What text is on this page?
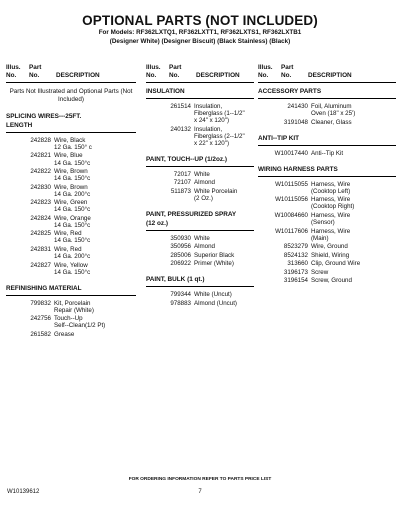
OPTIONAL PARTS (NOT INCLUDED)
For Models: RF362LXTQ1, RF362LXTT1, RF362LXTS1, RF362LXTB1
(Designer White) (Designer Biscuit) (Black Stainless) (Black)
Illus.
No.
Part
No.	DESCRIPTION
Parts Not Illustrated and Optional Parts (Not Included)
SPLICING WIRES---25FT.
LENGTH
242828 Wire, Black
12 Ga. 150° c
242821 Wire, Blue
14 Ga. 150°c
242822 Wire, Brown
14 Ga. 150°c
242830 Wire, Brown
14 Ga. 200°c
242823 Wire, Green
14 Ga. 150°c
242824 Wire, Orange
14 Ga. 150°c
242825 Wire, Red
14 Ga. 150°c
242831 Wire, Red
14 Ga. 200°c
242827 Wire, Yellow
14 Ga. 150°c
REFINISHING MATERIAL
799832 Kit, Porcelain
Repair (White)
242756 Touch--Up
Self--Clean(1/2 Pt)
261582 Grease
Illus.
No.
Part
No.	DESCRIPTION
INSULATION
261514 Insulation,
Fiberglass (1--1/2"
x 24" x 120")
240132 Insulation,
Fiberglass (2--1/2"
x 22" x 120")
PAINT, TOUCH--UP (1/2oz.)
72017 White
72107 Almond
511873 White Porcelain
(2 Oz.)
PAINT, PRESSURIZED SPRAY
(12 oz.)
350930 White
350956 Almond
285006 Superior Black
206922 Primer (White)
PAINT, BULK (1 qt.)
799344 White (Uncut)
978883 Almond (Uncut)
Illus.
No.
Part
No.	DESCRIPTION
ACCESSORY PARTS
241430 Foil, Aluminum
Oven (18" x 25')
3191048 Cleaner, Glass
ANTI--TIP KIT
W10017440 Anti--Tip Kit
WIRING HARNESS PARTS
W10115055 Harness, Wire
(Cooktop Left)
W10115056 Harness, Wire
(Cooktop Right)
W10084660 Harness, Wire
(Sensor)
W10117606 Harness, Wire
(Main)
8523279 Wire, Ground
8524132 Shield, Wiring
313660 Clip, Ground Wire
3196173 Screw
3196154 Screw, Ground
FOR ORDERING INFORMATION REFER TO PARTS PRICE LIST
W10139612	7
